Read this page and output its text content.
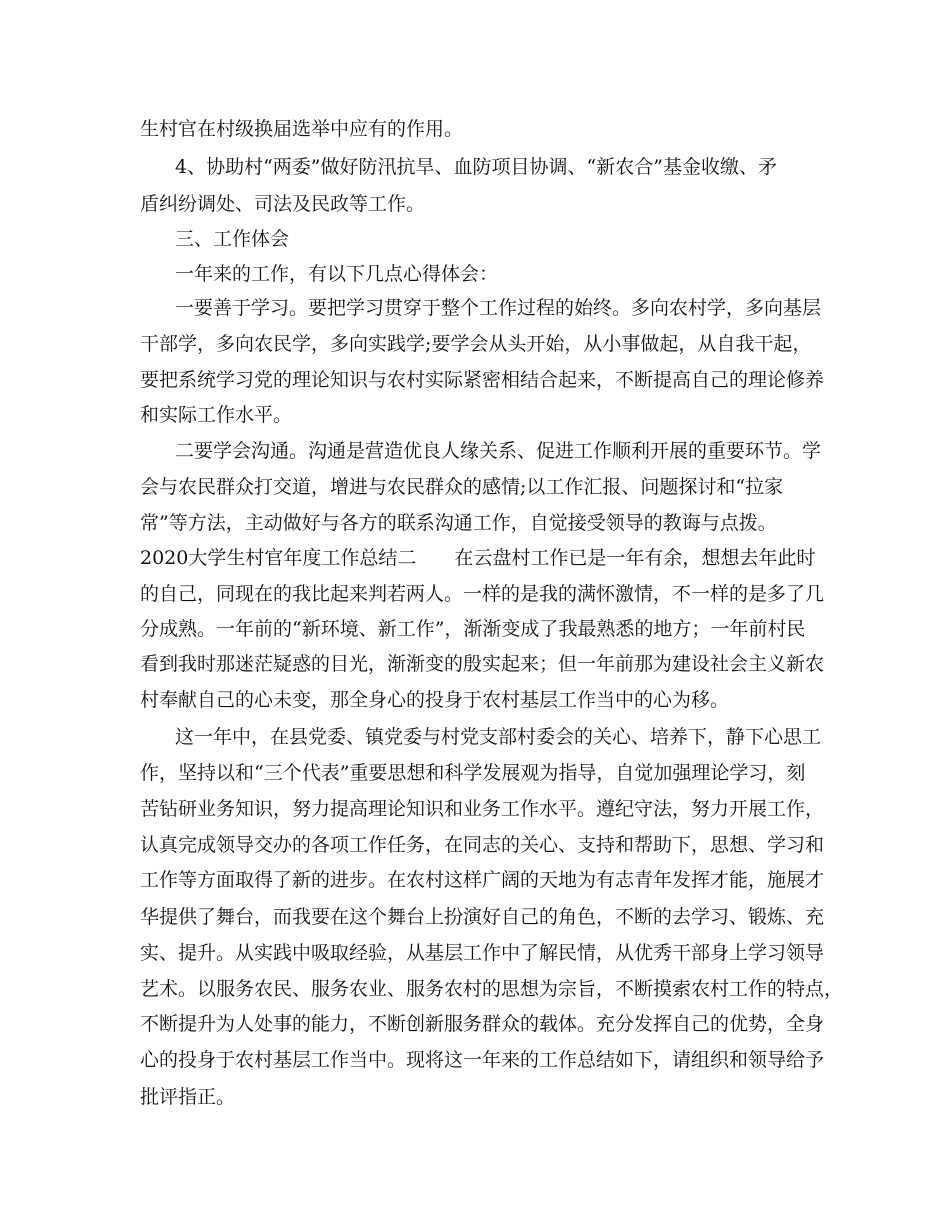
生村官在村级换届选举中应有的作用。
4、协助村“两委”做好防汛抗旱、血防项目协调、“新农合”基金收缴、矛
盾纠纷调处、司法及民政等工作。
三、工作体会
一年来的工作，有以下几点心得体会：
一要善于学习。要把学习贯穿于整个工作过程的始终。多向农村学，多向基层
干部学，多向农民学，多向实践学;要学会从头开始，从小事做起，从自我干起，
要把系统学习党的理论知识与农村实际紧密相结合起来，不断提高自己的理论修养
和实际工作水平。
二要学会沟通。沟通是营造优良人缘关系、促进工作顺利开展的重要环节。学
会与农民群众打交道，增进与农民群众的感情;以工作汇报、问题探讨和“拉家
常”等方法，主动做好与各方的联系沟通工作，自觉接受领导的教诲与点拨。
2020大学生村官年度工作总结二 在云盘村工作已是一年有余，想想去年此时
的自己，同现在的我比起来判若两人。一样的是我的满怀激情，不一样的是多了几
分成熟。一年前的“新环境、新工作”，渐渐变成了我最熟悉的地方；一年前村民
看到我时那迷茫疑惑的目光，渐渐变的殷实起来；但一年前那为建设社会主义新农
村奉献自己的心未变，那全身心的投身于农村基层工作当中的心为移。
这一年中，在县党委、镇党委与村党支部村委会的关心、培养下，静下心思工
作，坚持以和“三个代表”重要思想和科学发展观为指导，自觉加强理论学习，刻
苦钻研业务知识，努力提高理论知识和业务工作水平。遵纪守法，努力开展工作，
认真完成领导交办的各项工作任务，在同志的关心、支持和帮助下，思想、学习和
工作等方面取得了新的进步。在农村这样广阔的天地为有志青年发挥才能，施展才
华提供了舞台，而我要在这个舞台上扮演好自己的角色，不断的去学习、锻炼、充
实、提升。从实践中吸取经验，从基层工作中了解民情，从优秀干部身上学习领导
艺术。以服务农民、服务农业、服务农村的思想为宗旨，不断摸索农村工作的特点，
不断提升为人处事的能力，不断创新服务群众的载体。充分发挥自己的优势，全身
心的投身于农村基层工作当中。现将这一年来的工作总结如下，请组织和领导给予
批评指正。
